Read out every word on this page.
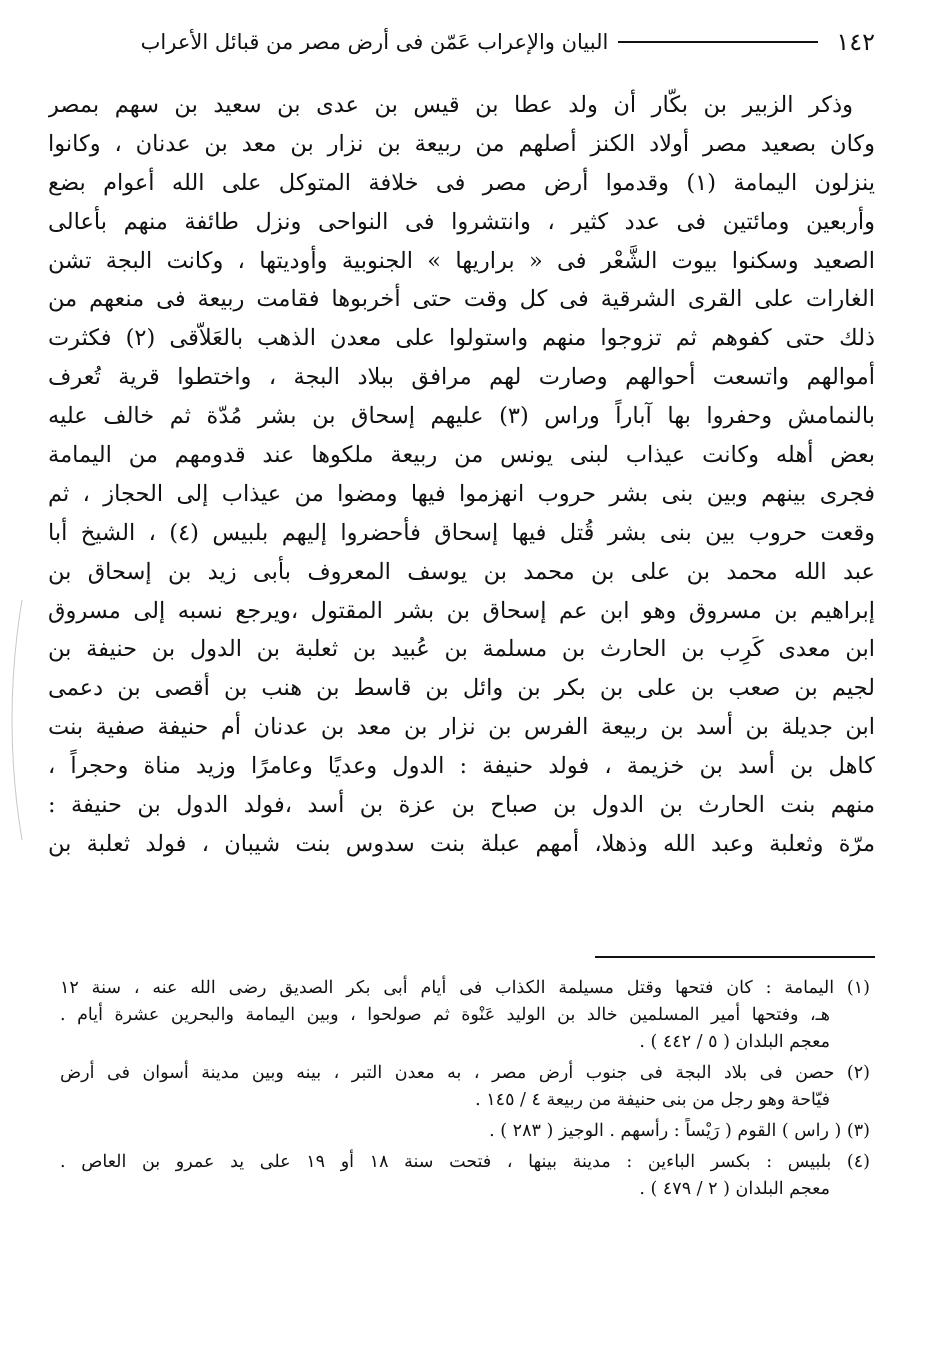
١٤٢
البيان والإعراب عَمّن فى أرض مصر من قبائل الأعراب
وذكر الزبير بن بكّار أن ولد عطا بن قيس بن عدى بن سعيد بن سهم بمصر
وكان بصعيد مصر أولاد الكنز أصلهم من ربيعة بن نزار بن معد بن عدنان ، وكانوا
ينزلون اليمامة (١) وقدموا أرض مصر فى خلافة المتوكل على الله أعوام بضع
وأربعين ومائتين فى عدد كثير ، وانتشروا فى النواحى ونزل طائفة منهم بأعالى
الصعيد وسكنوا بيوت الشَّعْر فى « براريها » الجنوبية وأوديتها ، وكانت البجة تشن
الغارات على القرى الشرقية فى كل وقت حتى أخربوها فقامت ربيعة فى منعهم من
ذلك حتى كفوهم ثم تزوجوا منهم واستولوا على معدن الذهب بالعَلاّقى (٢) فكثرت
أموالهم واتسعت أحوالهم وصارت لهم مرافق ببلاد البجة ، واختطوا قرية تُعرف
بالنمامش وحفروا بها آباراً وراس (٣) عليهم إسحاق بن بشر مُدّة ثم خالف عليه
بعض أهله وكانت عيذاب لبنى يونس من ربيعة ملكوها عند قدومهم من اليمامة
فجرى بينهم وبين بنى بشر حروب انهزموا فيها ومضوا من عيذاب إلى الحجاز ، ثم
وقعت حروب بين بنى بشر قُتل فيها إسحاق فأحضروا إليهم بلبيس (٤) ، الشيخ أبا
عبد الله محمد بن على بن محمد بن يوسف المعروف بأبى زيد بن إسحاق بن
إبراهيم بن مسروق وهو ابن عم إسحاق بن بشر المقتول ،ويرجع نسبه إلى مسروق
ابن معدى كَرِب بن الحارث بن مسلمة بن عُبيد بن ثعلبة بن الدول بن حنيفة بن
لجيم بن صعب بن على بن بكر بن وائل بن قاسط بن هنب بن أقصى بن دعمى
ابن جديلة بن أسد بن ربيعة الفرس بن نزار بن معد بن عدنان أم حنيفة صفية بنت
كاهل بن أسد بن خزيمة ، فولد حنيفة : الدول وعديًا وعامرًا وزيد مناة وحجراً ،
منهم بنت الحارث بن الدول بن صباح بن عزة بن أسد ،فولد الدول بن حنيفة :
مرّة وثعلبة وعبد الله وذهلا، أمهم عبلة بنت سدوس بنت شيبان ، فولد ثعلبة بن
(١) اليمامة : كان فتحها وقتل مسيلمة الكذاب فى أيام أبى بكر الصديق رضى الله عنه ، سنة ١٢
هـ، وفتحها أمير المسلمين خالد بن الوليد عَنْوة ثم صولحوا ، وبين اليمامة والبحرين عشرة أيام .
معجم البلدان ( ٥ / ٤٤٢ ) .
(٢) حصن فى بلاد البجة فى جنوب أرض مصر ، به معدن التبر ، بينه وبين مدينة أسوان فى أرض
فيّاحة وهو رجل من بنى حنيفة من ربيعة ٤ / ١٤٥ .
(٣) ( راس ) القوم ( رَيْساً : رأسهم . الوجيز ( ٢٨٣ ) .
(٤) بلبيس : بكسر الباءين : مدينة بينها ، فتحت سنة ١٨ أو ١٩ على يد عمرو بن العاص .
معجم البلدان ( ٢ / ٤٧٩ ) .
